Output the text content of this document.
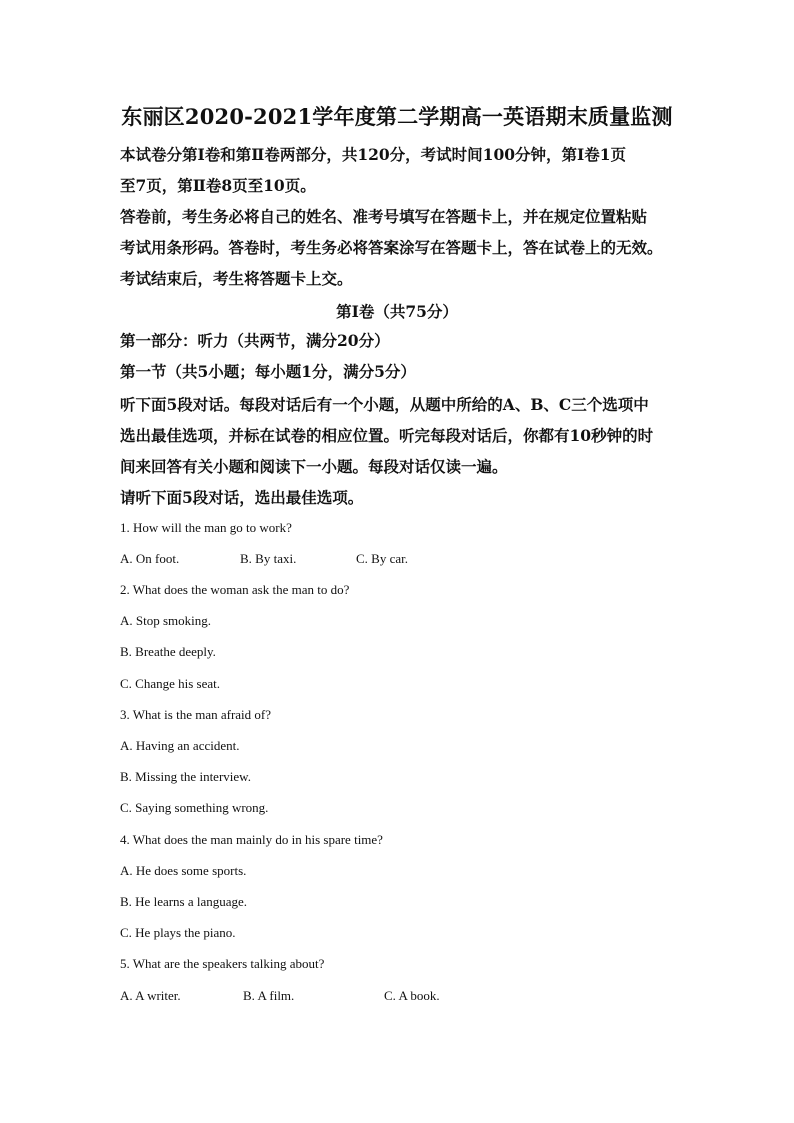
东丽区2020-2021学年度第二学期高一英语期末质量监测
本试卷分第Ⅰ卷和第Ⅱ卷两部分，共120分，考试时间100分钟，第Ⅰ卷1页
至7页，第Ⅱ卷8页至10页。
答卷前，考生务必将自己的姓名、准考号填写在答题卡上，并在规定位置粘贴
考试用条形码。答卷时，考生务必将答案涂写在答题卡上，答在试卷上的无效。
考试结束后，考生将答题卡上交。
第Ⅰ卷（共75分）
第一部分：听力（共两节，满分20分）
第一节（共5小题；每小题1分，满分5分）
听下面5段对话。每段对话后有一个小题，从题中所给的A、B、C三个选项中
选出最佳选项，并标在试卷的相应位置。听完每段对话后，你都有10秒钟的时
间来回答有关小题和阅读下一小题。每段对话仅读一遍。
请听下面5段对话，选出最佳选项。
1. How will the man go to work?
A. On foot.	B. By taxi.	C. By car.
2. What does the woman ask the man to do?
A. Stop smoking.
B. Breathe deeply.
C. Change his seat.
3. What is the man afraid of?
A. Having an accident.
B. Missing the interview.
C. Saying something wrong.
4. What does the man mainly do in his spare time?
A. He does some sports.
B. He learns a language.
C. He plays the piano.
5. What are the speakers talking about?
A. A writer.	B. A film.	C. A book.
